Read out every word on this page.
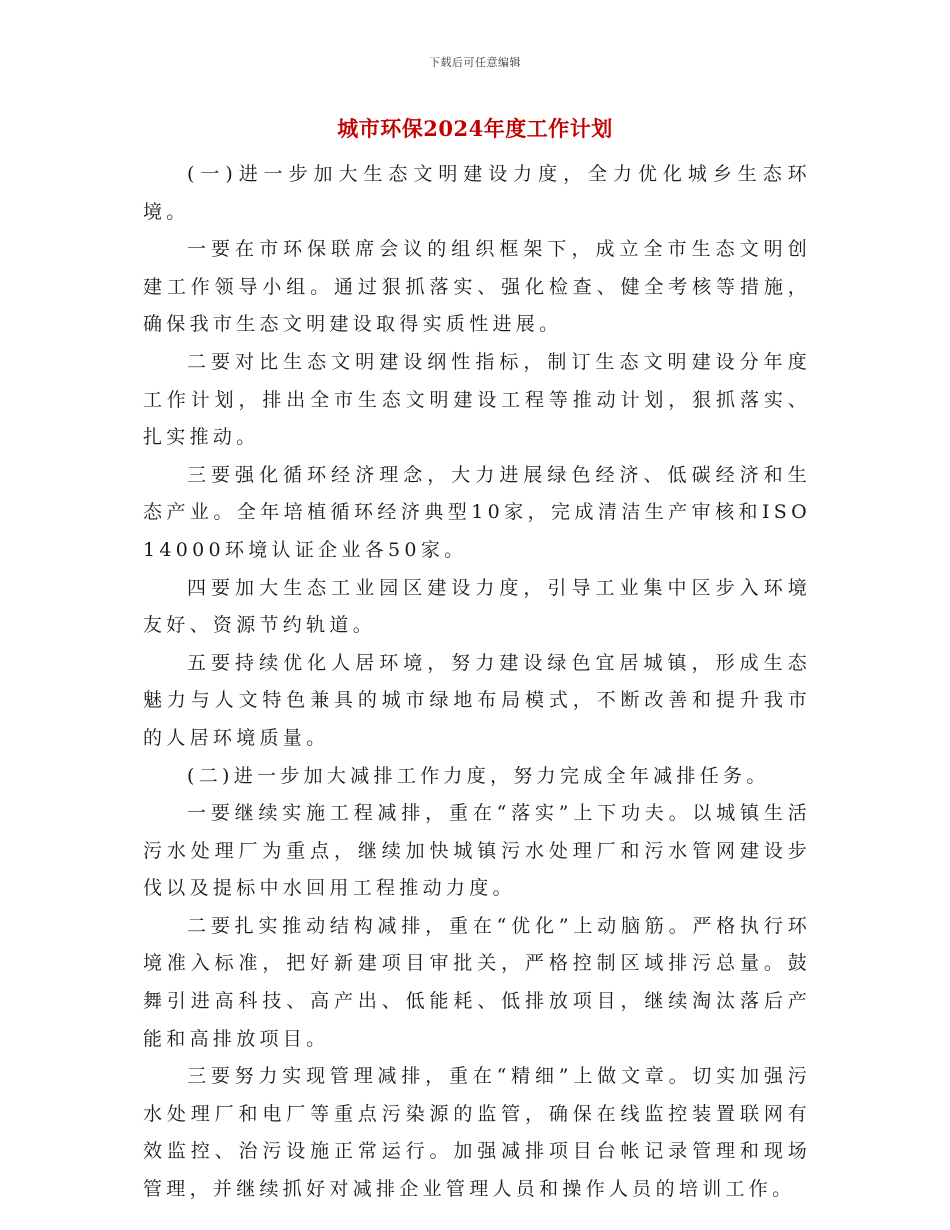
下载后可任意编辑
城市环保2024年度工作计划

(一)进一步加大生态文明建设力度，全力优化城乡生态环境。

一要在市环保联席会议的组织框架下，成立全市生态文明创建工作领导小组。通过狠抓落实、强化检查、健全考核等措施，确保我市生态文明建设取得实质性进展。

二要对比生态文明建设纲性指标，制订生态文明建设分年度工作计划，排出全市生态文明建设工程等推动计划，狠抓落实、扎实推动。

三要强化循环经济理念，大力进展绿色经济、低碳经济和生态产业。全年培植循环经济典型10家，完成清洁生产审核和ISO14000环境认证企业各50家。

四要加大生态工业园区建设力度，引导工业集中区步入环境友好、资源节约轨道。

五要持续优化人居环境，努力建设绿色宜居城镇，形成生态魅力与人文特色兼具的城市绿地布局模式，不断改善和提升我市的人居环境质量。

(二)进一步加大减排工作力度，努力完成全年减排任务。

一要继续实施工程减排，重在“落实”上下功夫。以城镇生活污水处理厂为重点，继续加快城镇污水处理厂和污水管网建设步伐以及提标中水回用工程推动力度。

二要扎实推动结构减排，重在“优化”上动脑筋。严格执行环境准入标准，把好新建项目审批关，严格控制区域排污总量。鼓舞引进高科技、高产出、低能耗、低排放项目，继续淘汰落后产能和高排放项目。

三要努力实现管理减排，重在“精细”上做文章。切实加强污水处理厂和电厂等重点污染源的监管，确保在线监控装置联网有效监控、治污设施正常运行。加强减排项目台帐记录管理和现场管理，并继续抓好对减排企业管理人员和操作人员的培训工作。
